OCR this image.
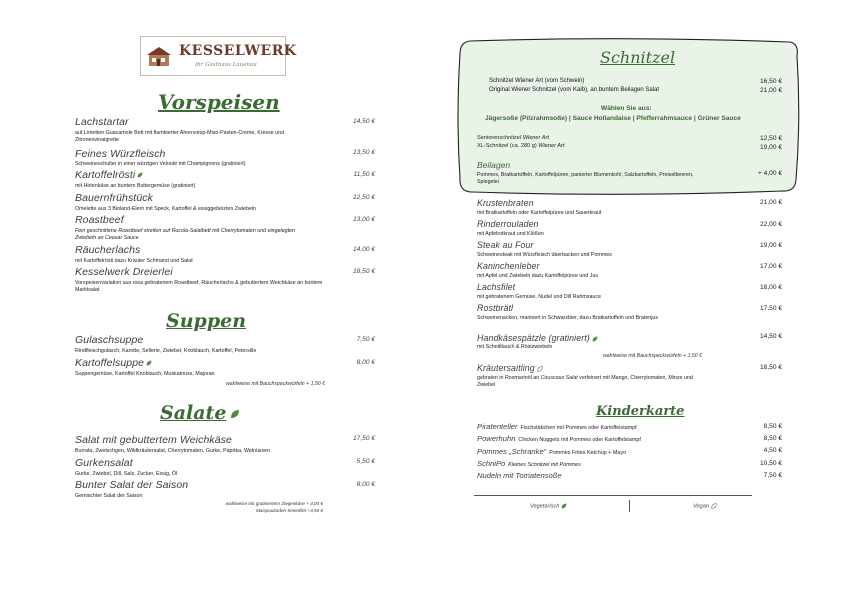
KESSELWERK
Ihr Gasthaus Lauenau
Vorspeisen
Lachstartar	14,50 €
auf Limetten Guacamole Bett mit flambierter Ahornsirup-Miso-Pasten-Creme, Kresse und Zitronenvinaigrette
Feines Würzfleisch	13,50 €
Schweineschulter in einer würzigen Velouté mit Champignons (gratiniert)
Kartoffelrösti	11,50 €
mit Hirtenkäse an buntem Buttergemüse (gratiniert)
Bauernfrühstück	12,50 €
Omelette aus 3 Bioland-Eiern mit Speck, Kartoffel & essiggebeizten Zwiebeln
Roastbeef	13,00 €
Fein geschnittene Roastbeef streifen auf Rucola-Salatbett mit Cherrytomaten und eingelegten Zwiebeln an Ceasar Sauce
Räucherlachs	14,00 €
mit Kartoffelrösti dazu Kräuter Schmand und Salat
Kesselwerk Dreierlei	18,50 €
Vorspeisenvariation aus rosa gebratenem Roastbeef, Räucherlachs & gebuttertem Weichkäse an buntem Marktsalat
Suppen
Gulaschsuppe	7,50 €
Rindfleischgulasch, Karotte, Sellerie, Zwiebel, Knoblauch, Kartoffel, Petersilie
Kartoffelsuppe	8,00 €
Suppengemüse, Kartoffel Knoblauch, Muskatnuss, Majoran
wahlweise mit Bauchspeckwürfeln + 1,50 €
Salate
Salat mit gebuttertem Weichkäse	17,50 €
Burrata, Zwetschgen, Wildkräutersalat, Cherrytomaten, Gurke, Paprika, Walnüssen
Gurkensalat	5,50 €
Gurke, Zwiebel, Dill, Salz, Zucker, Essig, Öl
Bunter Salat der Saison	8,00 €
Gemischter Salat der Saison
wahlweise mit gratiniertem Ziegenkäse + 4,00 €
Maispoularden-Innenfilet +3,50 €
Schnitzel
Schnitzel Wiener Art (vom Schwein)	16,50 €
Original Wiener Schnitzel (vom Kalb), an buntem Beilagen Salat	21,00 €
Wählen Sie aus:
Jägersoße (Pilzrahmsoße) | Sauce Hollandaise | Pfefferrahmsauce | Grüner Sauce
Seniorenschnitzel Wiener Art	12,50 €
XL-Schnitzel (ca. 280 g) Wiener Art	19,00 €
Beilagen
+ 4,00 €
Pommes, Bratkartoffeln, Kartoffelpüree, panierter Blumenkohl, Salzkartoffeln, Preiselbeeren, Spiegelei
Krustenbraten	21,00 €
mit Bratkartoffeln oder Kartoffelpüree und Sauerkraut
Rinderrouladen	22,00 €
mit Apfelrotkraut und Klößen
Steak au Four	19,00 €
Schweinesteak mit Würzfleisch überbacken und Pommes
Kaninchenleber	17,00 €
mit Apfel und Zwiebeln dazu Kartoffelpüree und Jus
Lachsfilet	18,00 €
mit gebratenem Gemüse, Nudel und Dill Rahmsauce
Rostbrätl	17,50 €
Schweinenacken, mariniert in Schwarzbier, dazu Bratkartoffeln und Bratenjus
Handkäsespätzle (gratiniert)	14,50 €
mit Schnittlauch & Röstzwiebeln
wahlweise mit Bauchspeckwürfeln + 1,50 €
Kräutersaitling	18,50 €
gebraten in Rosmarinöl an Couscous Salat verfeinert mit Mango, Cherrytomaten, Minze und Zwiebel
Kinderkarte
Piratenteller Fischstäbchen mit Pommes oder Kartoffelstampf	8,50 €
Powerhuhn Chicken Nuggets mit Pommes oder Kartoffelstampf	8,50 €
Pommes „Schranke“ Pommes Frites Ketchup + Mayo	4,50 €
SchniPo Kleines Schnitzel mit Pommes	10,50 €
Nudeln mit Tomatensoße	7,50 €
Vegetarisch	Vegan
